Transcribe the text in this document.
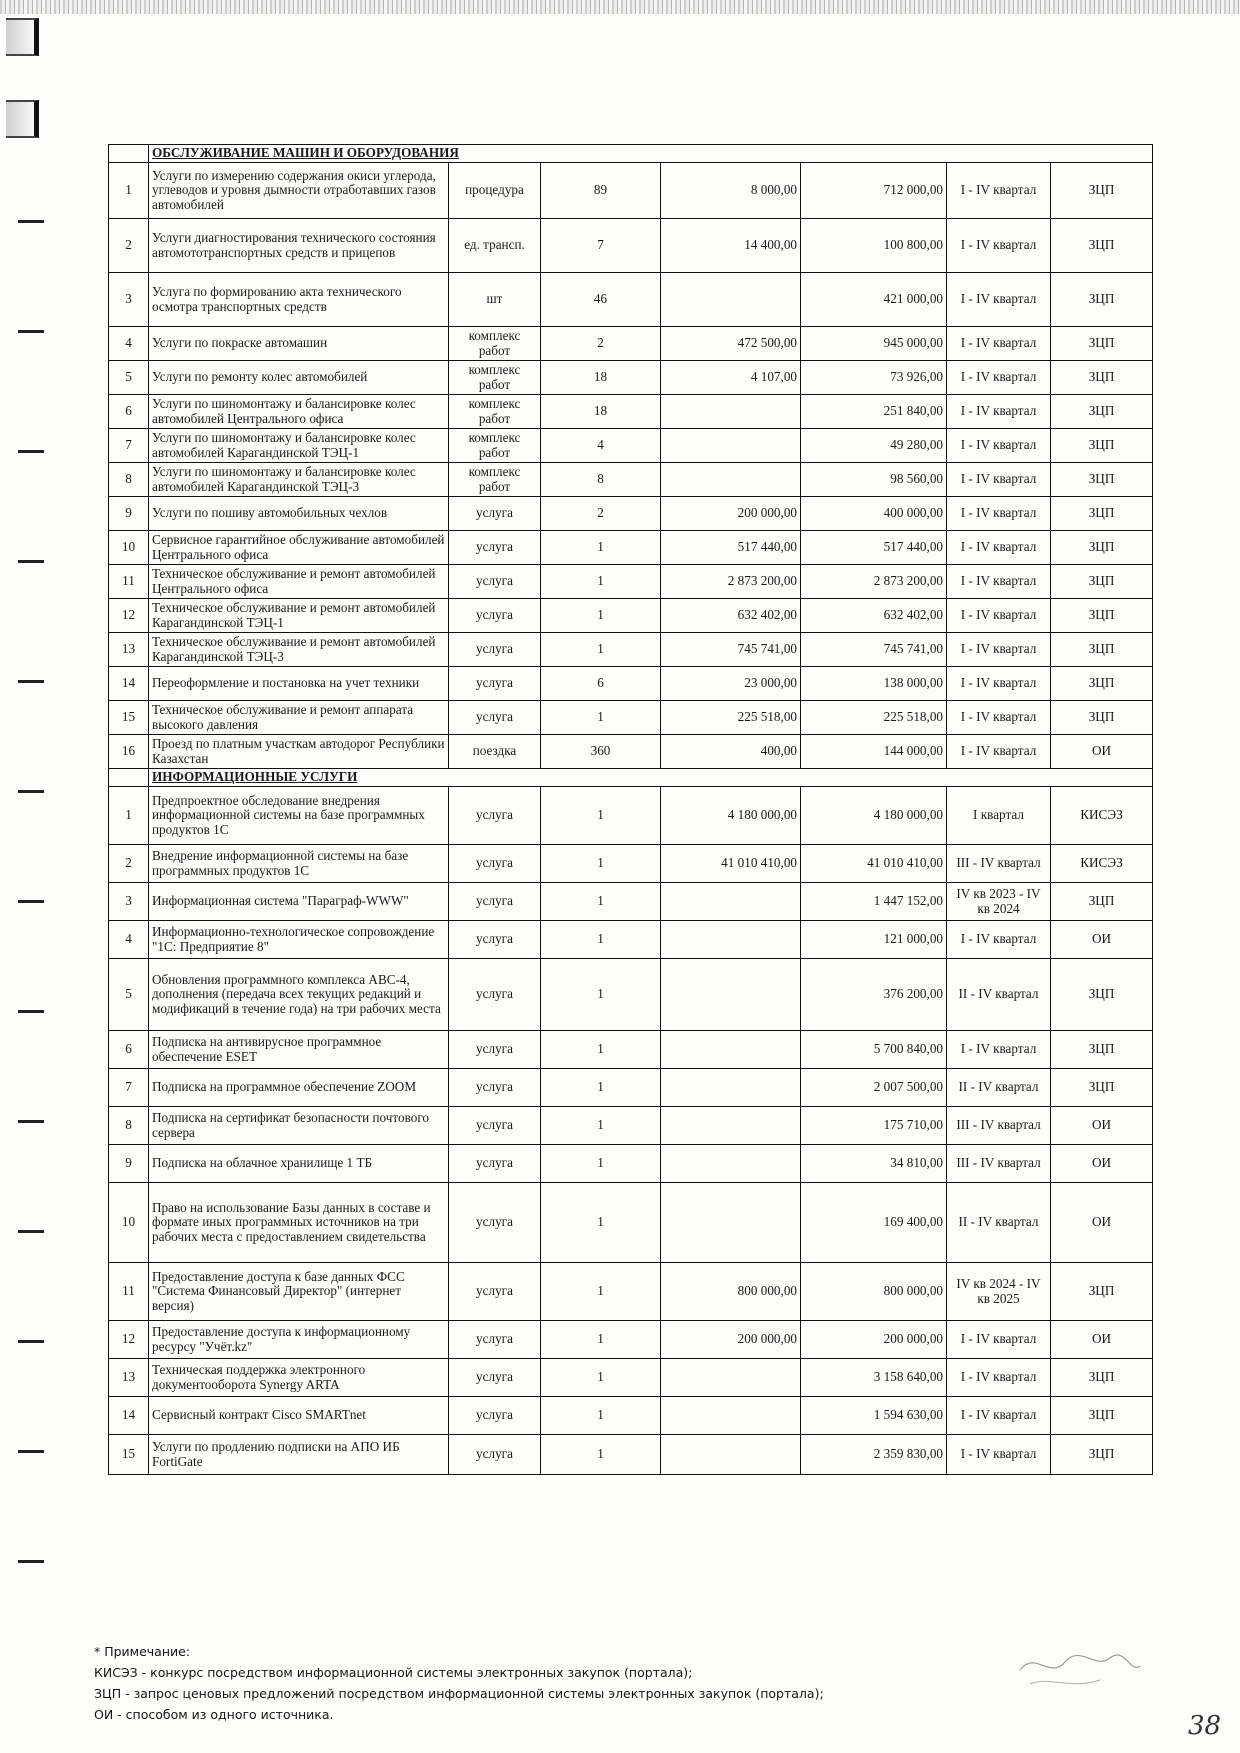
	ОБСЛУЖИВАНИЕ МАШИН И ОБОРУДОВАНИЯ						
1	Услуги по измерению содержания окиси углерода, углеводов и уровня дымности отработавших газов автомобилей	процедура	89	8 000,00	712 000,00	I - IV квартал	ЗЦП
2	Услуги диагностирования технического состояния автомототранспортных средств и прицепов	ед. трансп.	7	14 400,00	100 800,00	I - IV квартал	ЗЦП
3	Услуга по формированию акта технического осмотра транспортных средств	шт	46		421 000,00	I - IV квартал	ЗЦП
4	Услуги по покраске автомашин	комплекс работ	2	472 500,00	945 000,00	I - IV квартал	ЗЦП
5	Услуги по ремонту колес автомобилей	комплекс работ	18	4 107,00	73 926,00	I - IV квартал	ЗЦП
6	Услуги по шиномонтажу и балансировке колес автомобилей Центрального офиса	комплекс работ	18		251 840,00	I - IV квартал	ЗЦП
7	Услуги по шиномонтажу и балансировке колес автомобилей Карагандинской ТЭЦ-1	комплекс работ	4		49 280,00	I - IV квартал	ЗЦП
8	Услуги по шиномонтажу и балансировке колес автомобилей Карагандинской ТЭЦ-3	комплекс работ	8		98 560,00	I - IV квартал	ЗЦП
9	Услуги по пошиву автомобильных чехлов	услуга	2	200 000,00	400 000,00	I - IV квартал	ЗЦП
10	Сервисное гарантийное обслуживание автомобилей Центрального офиса	услуга	1	517 440,00	517 440,00	I - IV квартал	ЗЦП
11	Техническое обслуживание и ремонт автомобилей Центрального офиса	услуга	1	2 873 200,00	2 873 200,00	I - IV квартал	ЗЦП
12	Техническое обслуживание и ремонт автомобилей Карагандинской ТЭЦ-1	услуга	1	632 402,00	632 402,00	I - IV квартал	ЗЦП
13	Техническое обслуживание и ремонт автомобилей Карагандинской ТЭЦ-3	услуга	1	745 741,00	745 741,00	I - IV квартал	ЗЦП
14	Переоформление и постановка на учет техники	услуга	6	23 000,00	138 000,00	I - IV квартал	ЗЦП
15	Техническое обслуживание и ремонт аппарата высокого давления	услуга	1	225 518,00	225 518,00	I - IV квартал	ЗЦП
16	Проезд по платным участкам автодорог Республики Казахстан	поездка	360	400,00	144 000,00	I - IV квартал	ОИ
	ИНФОРМАЦИОННЫЕ УСЛУГИ						
1	Предпроектное обследование внедрения информационной системы на базе программных продуктов 1С	услуга	1	4 180 000,00	4 180 000,00	I квартал	КИСЭЗ
2	Внедрение информационной системы на базе программных продуктов 1С	услуга	1	41 010 410,00	41 010 410,00	III - IV квартал	КИСЭЗ
3	Информационная система "Параграф-WWW"	услуга	1		1 447 152,00	IV кв 2023 - IV кв 2024	ЗЦП
4	Информационно-технологическое сопровождение "1С: Предприятие 8"	услуга	1		121 000,00	I - IV квартал	ОИ
5	Обновления программного комплекса АВС-4, дополнения (передача всех текущих редакций и модификаций в течение года) на три рабочих места	услуга	1		376 200,00	II - IV квартал	ЗЦП
6	Подписка на антивирусное программное обеспечение ESET	услуга	1		5 700 840,00	I - IV квартал	ЗЦП
7	Подписка на программное обеспечение ZOOM	услуга	1		2 007 500,00	II - IV квартал	ЗЦП
8	Подписка на сертификат безопасности почтового сервера	услуга	1		175 710,00	III - IV квартал	ОИ
9	Подписка на облачное хранилище 1 ТБ	услуга	1		34 810,00	III - IV квартал	ОИ
10	Право на использование Базы данных в составе и формате иных программных источников на три рабочих места с предоставлением свидетельства	услуга	1		169 400,00	II - IV квартал	ОИ
11	Предоставление доступа к базе данных ФСС "Система Финансовый Директор" (интернет версия)	услуга	1	800 000,00	800 000,00	IV кв 2024 - IV кв 2025	ЗЦП
12	Предоставление доступа к информационному ресурсу "Учёт.kz"	услуга	1	200 000,00	200 000,00	I - IV квартал	ОИ
13	Техническая поддержка электронного документооборота Synergy ARTA	услуга	1		3 158 640,00	I - IV квартал	ЗЦП
14	Сервисный контракт Cisco SMARTnet	услуга	1		1 594 630,00	I - IV квартал	ЗЦП
15	Услуги по продлению подписки на АПО ИБ FortiGate	услуга	1		2 359 830,00	I - IV квартал	ЗЦП
* Примечание:
КИСЭЗ - конкурс посредством информационной системы электронных закупок (портала);
ЗЦП - запрос ценовых предложений посредством информационной системы электронных закупок (портала);
ОИ - способом из одного источника.	38
